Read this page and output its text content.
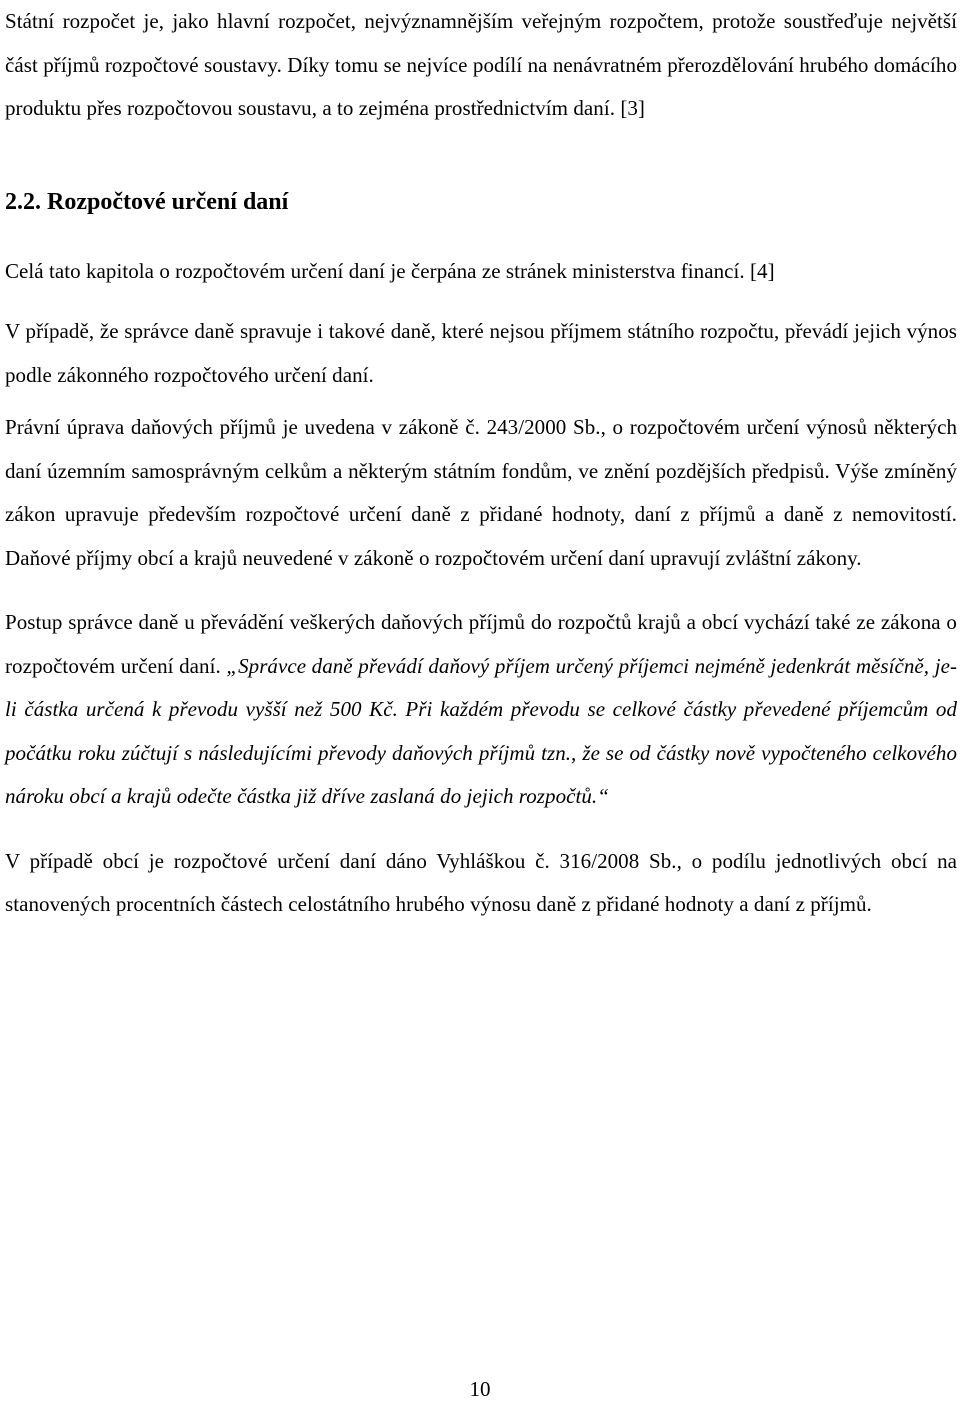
Státní rozpočet je, jako hlavní rozpočet, nejvýznamnějším veřejným rozpočtem, protože soustřeďuje největší část příjmů rozpočtové soustavy. Díky tomu se nejvíce podílí na nenávratném přerozdělování hrubého domácího produktu přes rozpočtovou soustavu, a to zejména prostřednictvím daní. [3]

2.2. Rozpočtové určení daní

Celá tato kapitola o rozpočtovém určení daní je čerpána ze stránek ministerstva financí. [4]

V případě, že správce daně spravuje i takové daně, které nejsou příjmem státního rozpočtu, převádí jejich výnos podle zákonného rozpočtového určení daní.

Právní úprava daňových příjmů je uvedena v zákoně č. 243/2000 Sb., o rozpočtovém určení výnosů některých daní územním samosprávným celkům a některým státním fondům, ve znění pozdějších předpisů. Výše zmíněný zákon upravuje především rozpočtové určení daně z přidané hodnoty, daní z příjmů a daně z nemovitostí. Daňové příjmy obcí a krajů neuvedené v zákoně o rozpočtovém určení daní upravují zvláštní zákony.

Postup správce daně u převádění veškerých daňových příjmů do rozpočtů krajů a obcí vychází také ze zákona o rozpočtovém určení daní. „Správce daně převádí daňový příjem určený příjemci nejméně jedenkrát měsíčně, je-li částka určená k převodu vyšší než 500 Kč. Při každém převodu se celkové částky převedené příjemcům od počátku roku zúčtují s následujícími převody daňových příjmů tzn., že se od částky nově vypočteného celkového nároku obcí a krajů odečte částka již dříve zaslaná do jejich rozpočtů.“

V případě obcí je rozpočtové určení daní dáno Vyhláškou č. 316/2008 Sb., o podílu jednotlivých obcí na stanovených procentních částech celostátního hrubého výnosu daně z přidané hodnoty a daní z příjmů.

10
